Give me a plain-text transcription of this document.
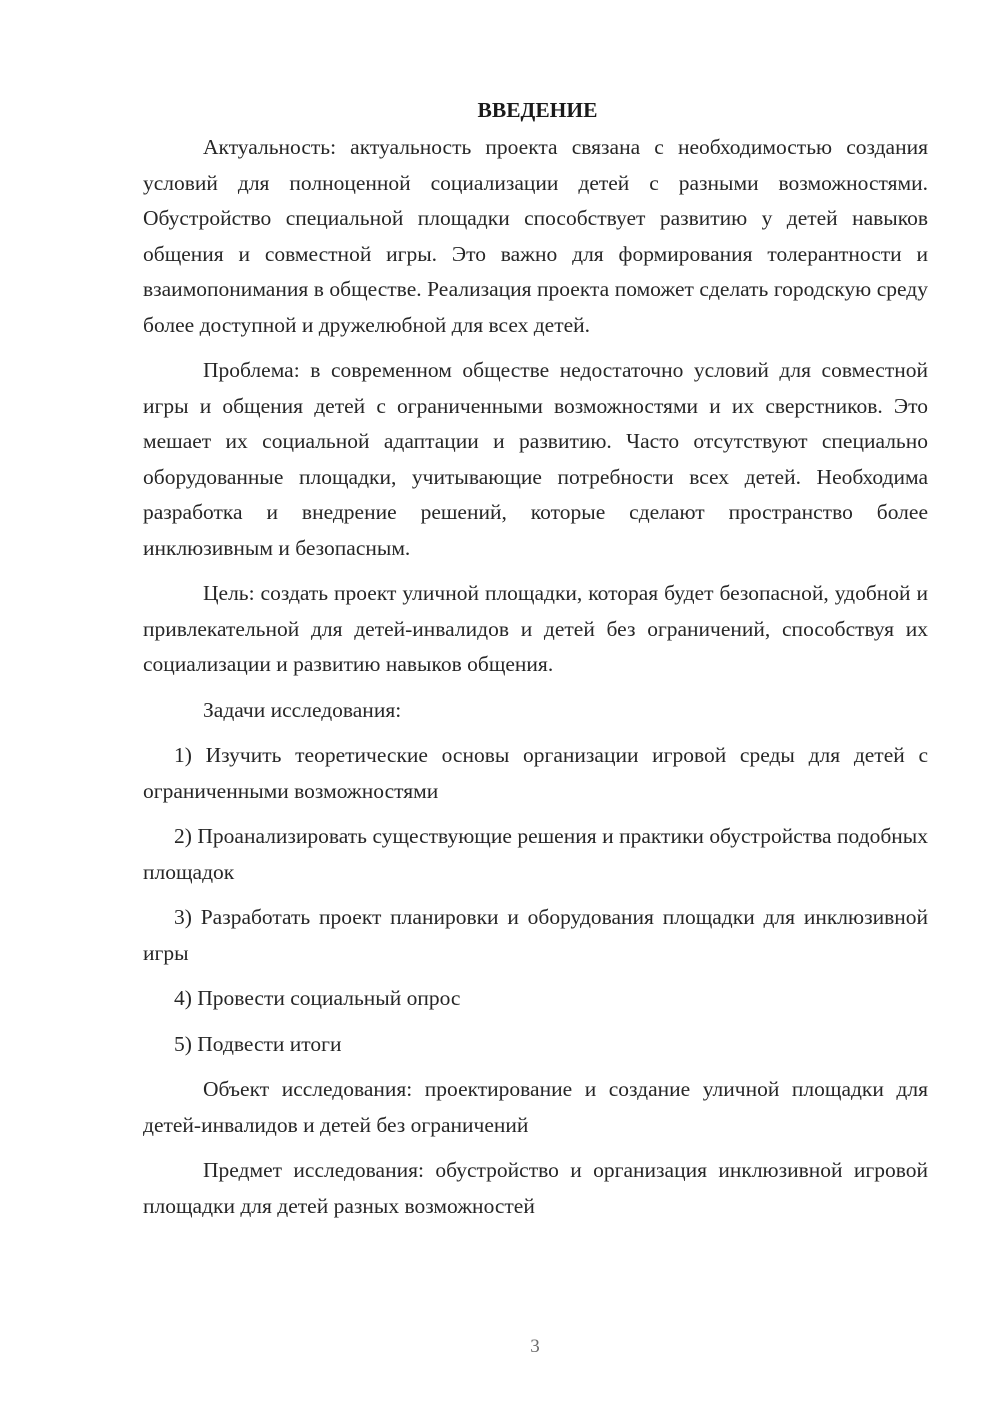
ВВЕДЕНИЕ

Актуальность: актуальность проекта связана с необходимостью создания условий для полноценной социализации детей с разными возможностями. Обустройство специальной площадки способствует развитию у детей навыков общения и совместной игры. Это важно для формирования толерантности и взаимопонимания в обществе. Реализация проекта поможет сделать городскую среду более доступной и дружелюбной для всех детей.

Проблема: в современном обществе недостаточно условий для совместной игры и общения детей с ограниченными возможностями и их сверстников. Это мешает их социальной адаптации и развитию. Часто отсутствуют специально оборудованные площадки, учитывающие потребности всех детей. Необходима разработка и внедрение решений, которые сделают пространство более инклюзивным и безопасным.

Цель: создать проект уличной площадки, которая будет безопасной, удобной и привлекательной для детей-инвалидов и детей без ограничений, способствуя их социализации и развитию навыков общения.

Задачи исследования:

1) Изучить теоретические основы организации игровой среды для детей с ограниченными возможностями

2) Проанализировать существующие решения и практики обустройства подобных площадок

3) Разработать проект планировки и оборудования площадки для инклюзивной игры

4) Провести социальный опрос

5) Подвести итоги

Объект исследования: проектирование и создание уличной площадки для детей-инвалидов и детей без ограничений

Предмет исследования: обустройство и организация инклюзивной игровой площадки для детей разных возможностей

3
